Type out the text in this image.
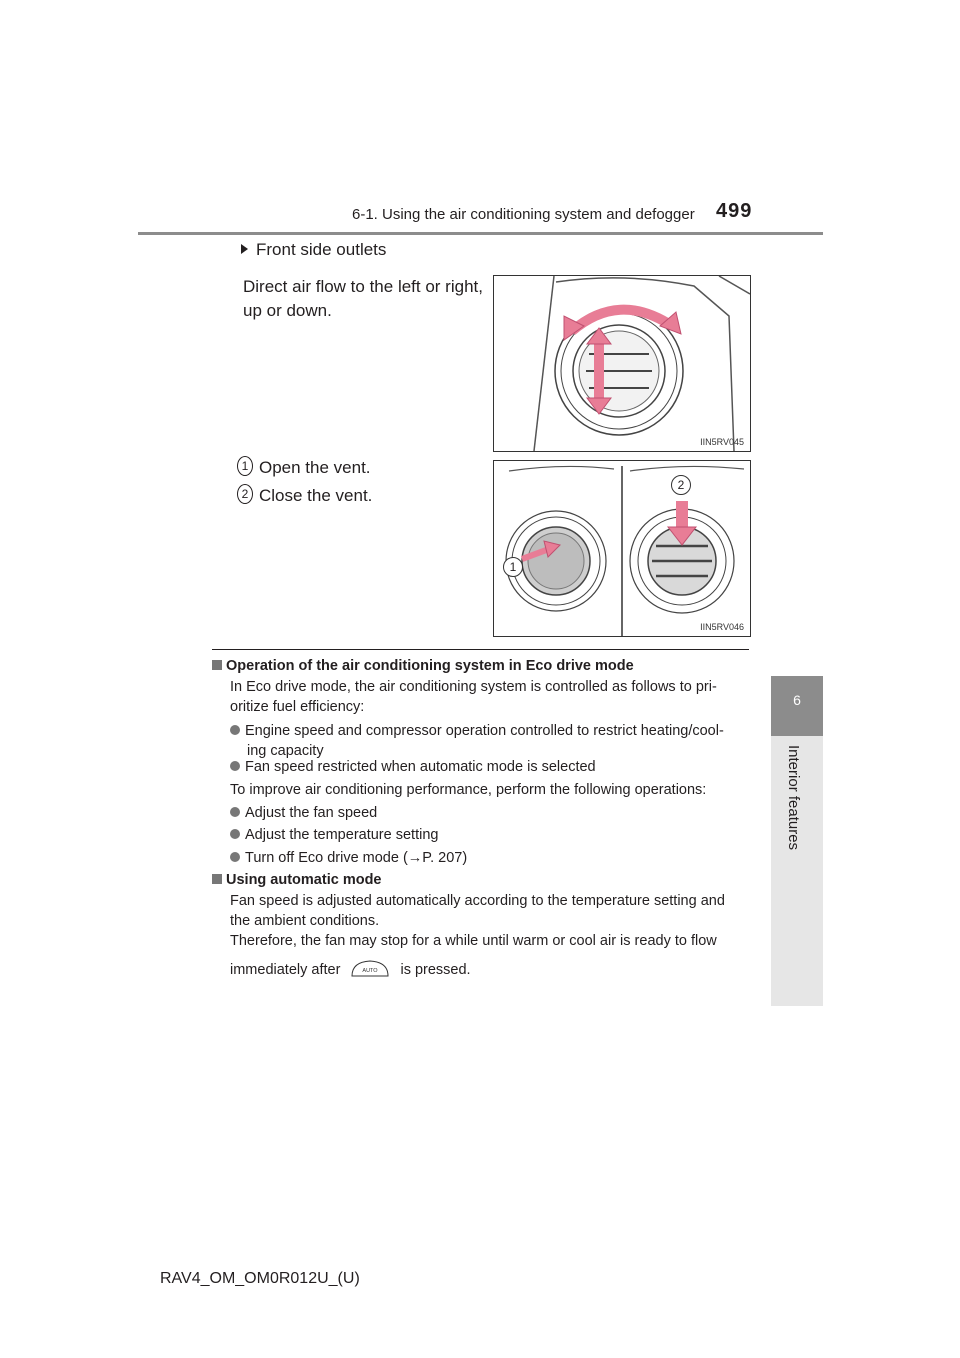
6-1. Using the air conditioning system and defogger 499
6
Interior features
Front side outlets
Direct air flow to the left or right,
up or down.
IIN5RV045
1 Open the vent.
2 Close the vent.
1
2
IIN5RV046
Operation of the air conditioning system in Eco drive mode
In Eco drive mode, the air conditioning system is controlled as follows to pri-
oritize fuel efficiency:
Engine speed and compressor operation controlled to restrict heating/cool-
ing capacity
Fan speed restricted when automatic mode is selected
To improve air conditioning performance, perform the following operations:
Adjust the fan speed
Adjust the temperature setting
Turn off Eco drive mode (→P. 207)
Using automatic mode
Fan speed is adjusted automatically according to the temperature setting and
the ambient conditions.
Therefore, the fan may stop for a while until warm or cool air is ready to flow
immediately after	AUTO is pressed.
RAV4_OM_OM0R012U_(U)
